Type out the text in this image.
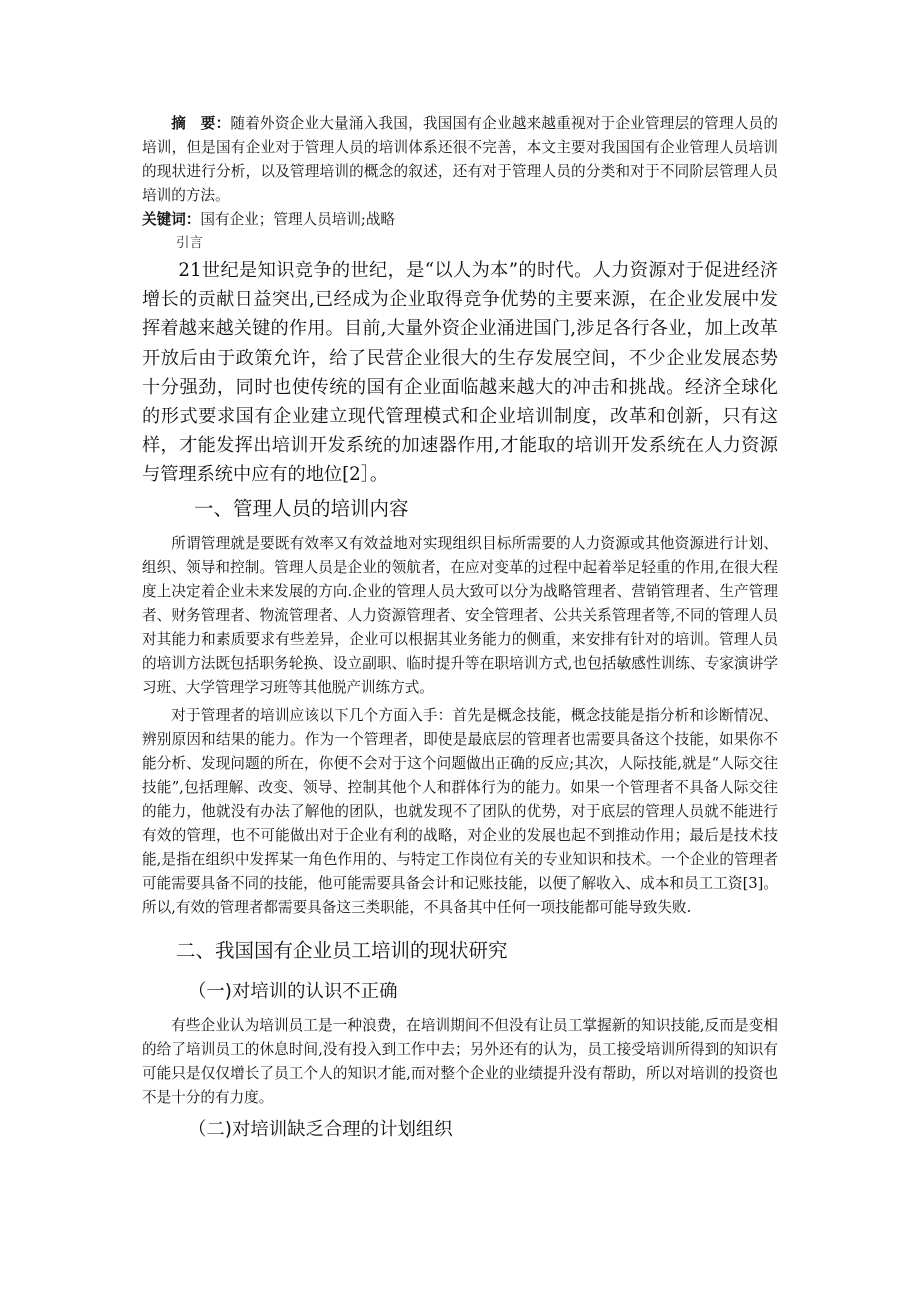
摘　要：随着外资企业大量涌入我国，我国国有企业越来越重视对于企业管理层的管理人员的培训，但是国有企业对于管理人员的培训体系还很不完善，本文主要对我国国有企业管理人员培训的现状进行分析，以及管理培训的概念的叙述，还有对于管理人员的分类和对于不同阶层管理人员培训的方法。

关键词：国有企业；管理人员培训;战略

引言

21世纪是知识竞争的世纪，是“以人为本”的时代。人力资源对于促进经济增长的贡献日益突出,已经成为企业取得竞争优势的主要来源，在企业发展中发挥着越来越关键的作用。目前,大量外资企业涌进国门,涉足各行各业，加上改革开放后由于政策允许，给了民营企业很大的生存发展空间，不少企业发展态势十分强劲，同时也使传统的国有企业面临越来越大的冲击和挑战。经济全球化的形式要求国有企业建立现代管理模式和企业培训制度，改革和创新，只有这样，才能发挥出培训开发系统的加速器作用,才能取的培训开发系统在人力资源与管理系统中应有的地位[2］。

一、管理人员的培训内容

所谓管理就是要既有效率又有效益地对实现组织目标所需要的人力资源或其他资源进行计划、组织、领导和控制。管理人员是企业的领航者，在应对变革的过程中起着举足轻重的作用,在很大程度上决定着企业未来发展的方向.企业的管理人员大致可以分为战略管理者、营销管理者、生产管理者、财务管理者、物流管理者、人力资源管理者、安全管理者、公共关系管理者等,不同的管理人员对其能力和素质要求有些差异，企业可以根据其业务能力的侧重，来安排有针对的培训。管理人员的培训方法既包括职务轮换、设立副职、临时提升等在职培训方式,也包括敏感性训练、专家演讲学习班、大学管理学习班等其他脱产训练方式。

对于管理者的培训应该以下几个方面入手：首先是概念技能，概念技能是指分析和诊断情况、辨别原因和结果的能力。作为一个管理者，即使是最底层的管理者也需要具备这个技能，如果你不能分析、发现问题的所在，你便不会对于这个问题做出正确的反应;其次，人际技能,就是“人际交往技能”,包括理解、改变、领导、控制其他个人和群体行为的能力。如果一个管理者不具备人际交往的能力，他就没有办法了解他的团队，也就发现不了团队的优势，对于底层的管理人员就不能进行有效的管理，也不可能做出对于企业有利的战略，对企业的发展也起不到推动作用；最后是技术技能,是指在组织中发挥某一角色作用的、与特定工作岗位有关的专业知识和技术。一个企业的管理者可能需要具备不同的技能，他可能需要具备会计和记账技能，以便了解收入、成本和员工工资[3]。所以,有效的管理者都需要具备这三类职能，不具备其中任何一项技能都可能导致失败.

二、我国国有企业员工培训的现状研究

（一)对培训的认识不正确

有些企业认为培训员工是一种浪费，在培训期间不但没有让员工掌握新的知识技能,反而是变相的给了培训员工的休息时间,没有投入到工作中去；另外还有的认为，员工接受培训所得到的知识有可能只是仅仅增长了员工个人的知识才能,而对整个企业的业绩提升没有帮助，所以对培训的投资也不是十分的有力度。

（二)对培训缺乏合理的计划组织
